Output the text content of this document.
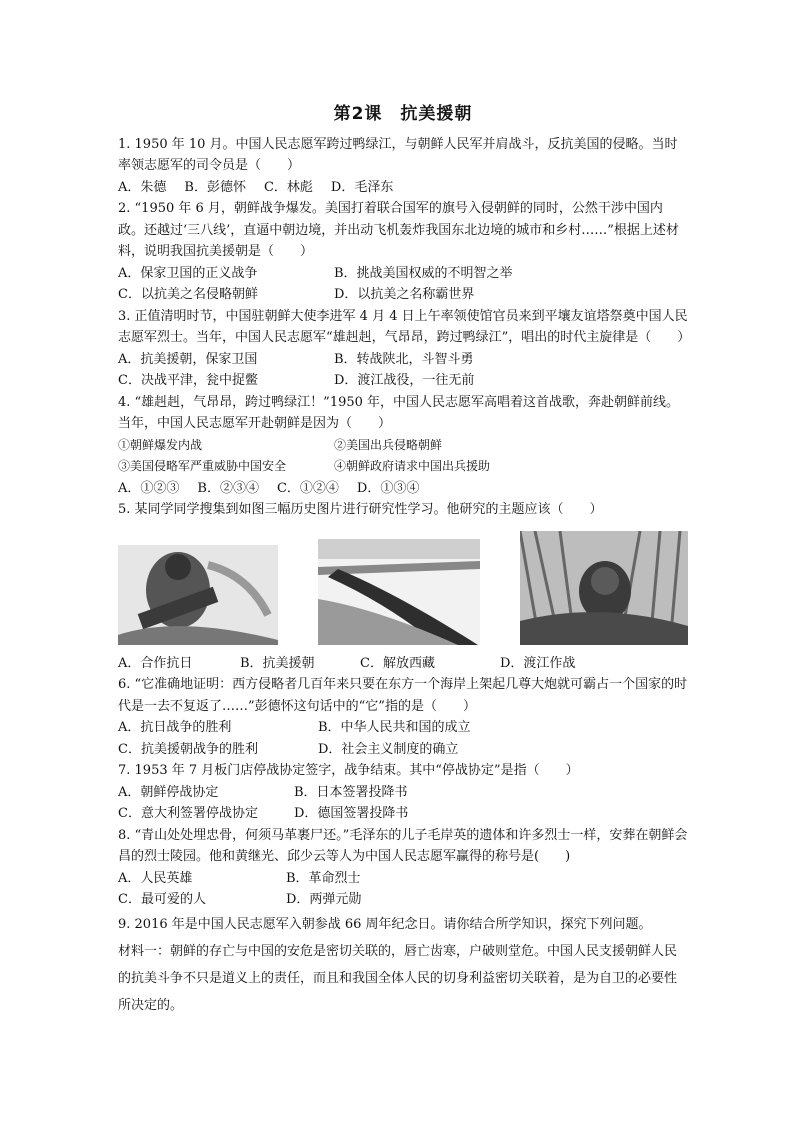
第2课　抗美援朝

1. 1950 年 10 月。中国人民志愿军跨过鸭绿江，与朝鲜人民军并肩战斗，反抗美国的侵略。当时率领志愿军的司令员是（　　）

A．朱德 B．彭德怀 C．林彪 D．毛泽东

2. “1950 年 6 月，朝鲜战争爆发。美国打着联合国军的旗号入侵朝鲜的同时，公然干涉中国内政。还越过‘三八线’，直逼中朝边境，并出动飞机轰炸我国东北边境的城市和乡村……”根据上述材料，说明我国抗美援朝是（　　）

A．保家卫国的正义战争	B．挑战美国权威的不明智之举
C．以抗美之名侵略朝鲜	D．以抗美之名称霸世界

3. 正值清明时节，中国驻朝鲜大使李进军 4 月 4 日上午率领使馆官员来到平壤友谊塔祭奠中国人民志愿军烈士。当年，中国人民志愿军“雄赳赳，气昂昂，跨过鸭绿江”，唱出的时代主旋律是（　　）

A．抗美援朝，保家卫国	B．转战陕北，斗智斗勇
C．决战平津，瓮中捉鳖	D．渡江战役，一往无前

4. “雄赳赳，气昂昂，跨过鸭绿江！”1950 年，中国人民志愿军高唱着这首战歌，奔赴朝鲜前线。当年，中国人民志愿军开赴朝鲜是因为（　　）

①朝鲜爆发内战	②美国出兵侵略朝鲜
③美国侵略军严重威胁中国安全	④朝鲜政府请求中国出兵援助
A．①②③ B．②③④ C．①②④ D．①③④

5. 某同学同学搜集到如图三幅历史图片进行研究性学习。他研究的主题应该（　　）

A．合作抗日	B．抗美援朝	C．解放西藏	D．渡江作战

6. “它准确地证明：西方侵略者几百年来只要在东方一个海岸上架起几尊大炮就可霸占一个国家的时代是一去不复返了……”彭德怀这句话中的“它”指的是（　　）

A．抗日战争的胜利	B．中华人民共和国的成立
C．抗美援朝战争的胜利	D．社会主义制度的确立

7. 1953 年 7 月板门店停战协定签字，战争结束。其中“停战协定”是指（　　）

A．朝鲜停战协定	B．日本签署投降书
C．意大利签署停战协定	D．德国签署投降书

8. “青山处处埋忠骨，何须马革裹尸还。”毛泽东的儿子毛岸英的遗体和许多烈士一样，安葬在朝鲜会昌的烈士陵园。他和黄继光、邱少云等人为中国人民志愿军赢得的称号是(　　)

A．人民英雄	B．革命烈士
C．最可爱的人	D．两弹元勋

9. 2016 年是中国人民志愿军入朝参战 66 周年纪念日。请你结合所学知识，探究下列问题。

材料一：朝鲜的存亡与中国的安危是密切关联的，唇亡齿寒，户破则堂危。中国人民支援朝鲜人民的抗美斗争不只是道义上的责任，而且和我国全体人民的切身利益密切关联着，是为自卫的必要性所决定的。
